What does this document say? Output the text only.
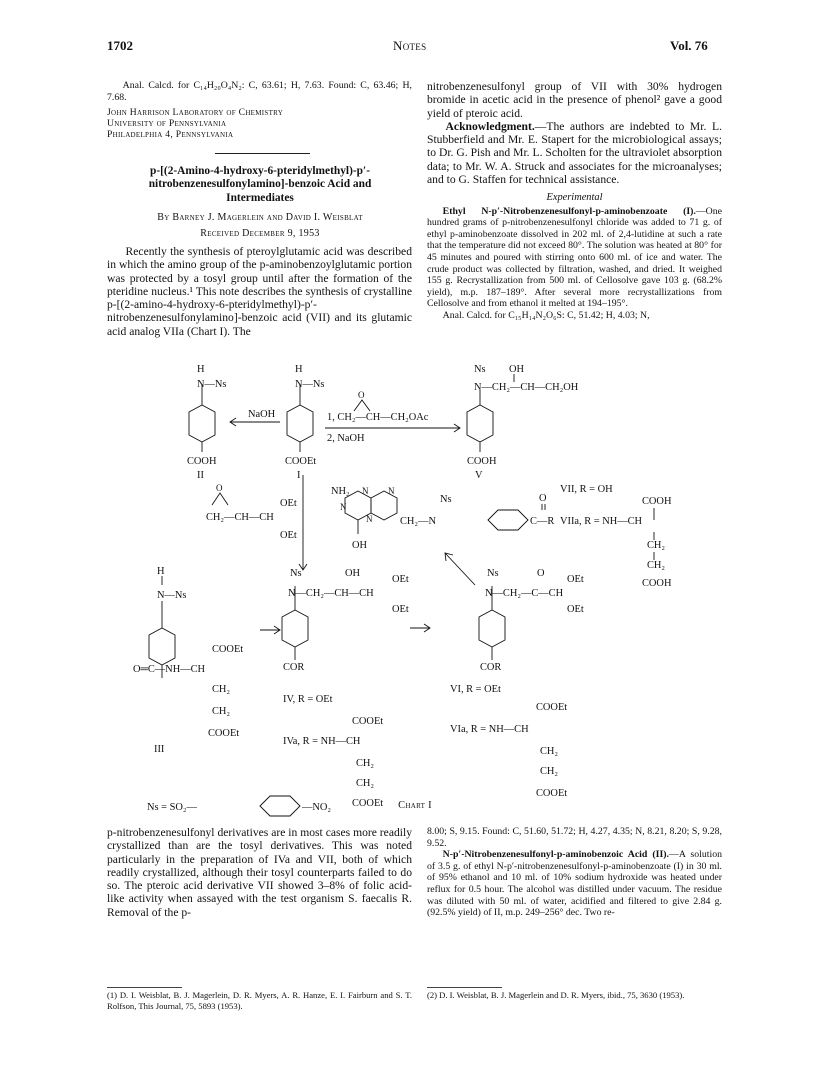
1702	Notes	Vol. 76

Anal. Calcd. for C₁₄H₂₀O₄N₂: C, 63.61; H, 7.63. Found: C, 63.46; H, 7.68.

John Harrison Laboratory of Chemistry
University of Pennsylvania
Philadelphia 4, Pennsylvania

p-[(2-Amino-4-hydroxy-6-pteridylmethyl)-p′-nitrobenzenesulfonylamino]-benzoic Acid and Intermediates

By Barney J. Magerlein and David I. Weisblat

Received December 9, 1953

Recently the synthesis of pteroylglutamic acid was described in which the amino group of the p-aminobenzoylglutamic portion was protected by a tosyl group until after the formation of the pteridine nucleus.¹ This note describes the synthesis of crystalline p-[(2-amino-4-hydroxy-6-pteridylmethyl)-p′-nitrobenzenesulfonylamino]-benzoic acid (VII) and its glutamic acid analog VIIa (Chart I). The

nitrobenzenesulfonyl group of VII with 30% hydrogen bromide in acetic acid in the presence of phenol² gave a good yield of pteroic acid.

Acknowledgment.—The authors are indebted to Mr. L. Stubberfield and Mr. E. Stapert for the microbiological assays; to Dr. G. Pish and Mr. L. Scholten for the ultraviolet absorption data; to Mr. W. A. Struck and associates for the microanalyses; and to G. Staffen for technical assistance.

Experimental

Ethyl N-p′-Nitrobenzenesulfonyl-p-aminobenzoate (I).—One hundred grams of p-nitrobenzenesulfonyl chloride was added to 71 g. of ethyl p-aminobenzoate dissolved in 202 ml. of 2,4-lutidine at such a rate that the temperature did not exceed 80°. The solution was heated at 80° for 45 minutes and poured with stirring onto 600 ml. of ice and water. The crude product was collected by filtration, washed, and dried. It weighed 155 g. Recrystallization from 500 ml. of Cellosolve gave 103 g. (68.2% yield), m.p. 187–189°. After several more recrystallizations from Cellosolve and from ethanol it melted at 194–195°.

Anal. Calcd. for C₁₅H₁₄N₂O₆S: C, 51.42; H, 4.03; N,

H
N—Ns
COOH
II
H
N—Ns
COOEt
I
NaOH
O
1, CH₂—CH—CH₂OAc
2, NaOH
Ns OH
N—CH₂—CH—CH₂OH
COOH
V
O
CH₂—CH—CH
OEt
OEt
NH₂ N N
N
N
OH
CH₂—N
Ns	O
C—R
VII, R = OH
VIIa, R = NH—CH
COOH
CH₂
CH₂
COOH
H
N—Ns
COOEt
O═C—NH—CH
CH₂
CH₂
COOEt
III
Ns	OH
OEt
N—CH₂—CH—CH
OEt
COR
IV, R = OEt
IVa, R = NH—CH
COOEt
CH₂
CH₂
COOEt
Ns	O
OEt
N—CH₂—C—CH
OEt
COR
VI, R = OEt
VIa, R = NH—CH
COOEt
CH₂
CH₂
COOEt
Ns = SO₂—	—NO₂	Chart I

p-nitrobenzenesulfonyl derivatives are in most cases more readily crystallized than are the tosyl derivatives. This was noted particularly in the preparation of IVa and VII, both of which readily crystallized, although their tosyl counterparts failed to do so. The pteroic acid derivative VII showed 3–8% of folic acid-like activity when assayed with the test organism S. faecalis R. Removal of the p-

(1) D. I. Weisblat, B. J. Magerlein, D. R. Myers, A. R. Hanze, E. I. Fairburn and S. T. Rolfson, This Journal, 75, 5893 (1953).

8.00; S, 9.15. Found: C, 51.60, 51.72; H, 4.27, 4.35; N, 8.21, 8.20; S, 9.28, 9.52.

N-p′-Nitrobenzenesulfonyl-p-aminobenzoic Acid (II).—A solution of 3.5 g. of ethyl N-p′-nitrobenzenesulfonyl-p-aminobenzoate (I) in 30 ml. of 95% ethanol and 10 ml. of 10% sodium hydroxide was heated under reflux for 0.5 hour. The alcohol was distilled under vacuum. The residue was diluted with 50 ml. of water, acidified and filtered to give 2.84 g. (92.5% yield) of II, m.p. 249–256° dec. Two re-

(2) D. I. Weisblat, B. J. Magerlein and D. R. Myers, ibid., 75, 3630 (1953).
